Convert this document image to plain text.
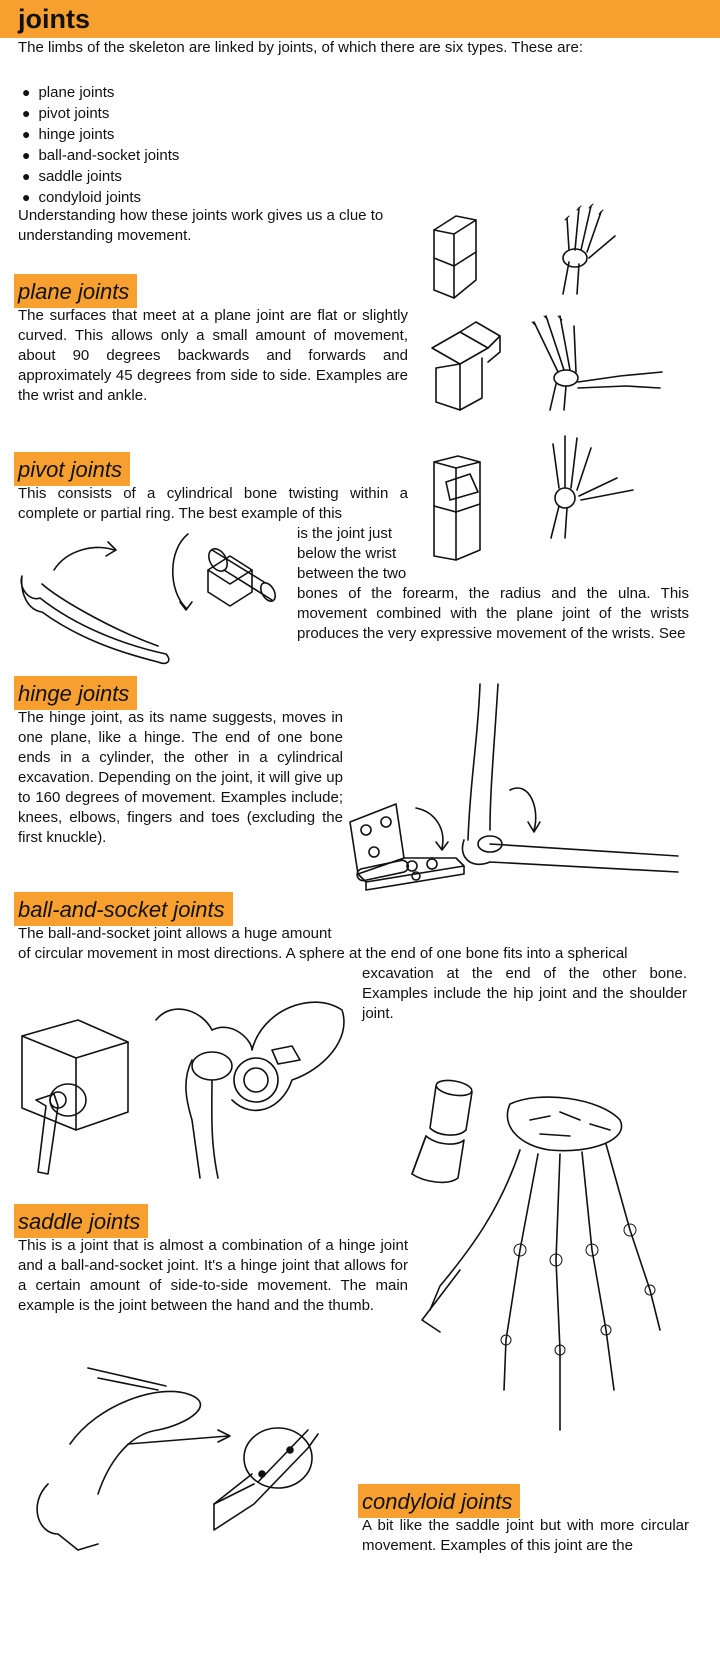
joints

The limbs of the skeleton are linked by joints, of which there are six types. These are:

● plane joints
● pivot joints
● hinge joints
● ball-and-socket joints
● saddle joints
● condyloid joints

Understanding how these joints work gives us a clue to understanding movement.

plane joints

The surfaces that meet at a plane joint are flat or slightly curved. This allows only a small amount of movement, about 90 degrees backwards and forwards and approximately 45 degrees from side to side. Examples are the wrist and ankle.

pivot joints

This consists of a cylindrical bone twisting within a complete or partial ring. The best example of this

is the joint just below the wrist between the two

bones of the forearm, the radius and the ulna. This movement combined with the plane joint of the wrists produces the very expressive movement of the wrists. See

hinge joints

The hinge joint, as its name suggests, moves in one plane, like a hinge. The end of one bone ends in a cylinder, the other in a cylindrical excavation. Depending on the joint, it will give up to 160 degrees of movement. Examples include; knees, elbows, fingers and toes (excluding the first knuckle).

ball-and-socket joints

The ball-and-socket joint allows a huge amount

of circular movement in most directions. A sphere at the end of one bone fits into a spherical

excavation at the end of the other bone. Examples include the hip joint and the shoulder joint.

saddle joints

This is a joint that is almost a combination of a hinge joint and a ball-and-socket joint. It's a hinge joint that allows for a certain amount of side-to-side movement. The main example is the joint between the hand and the thumb.

condyloid joints

A bit like the saddle joint but with more circular movement. Examples of this joint are the
